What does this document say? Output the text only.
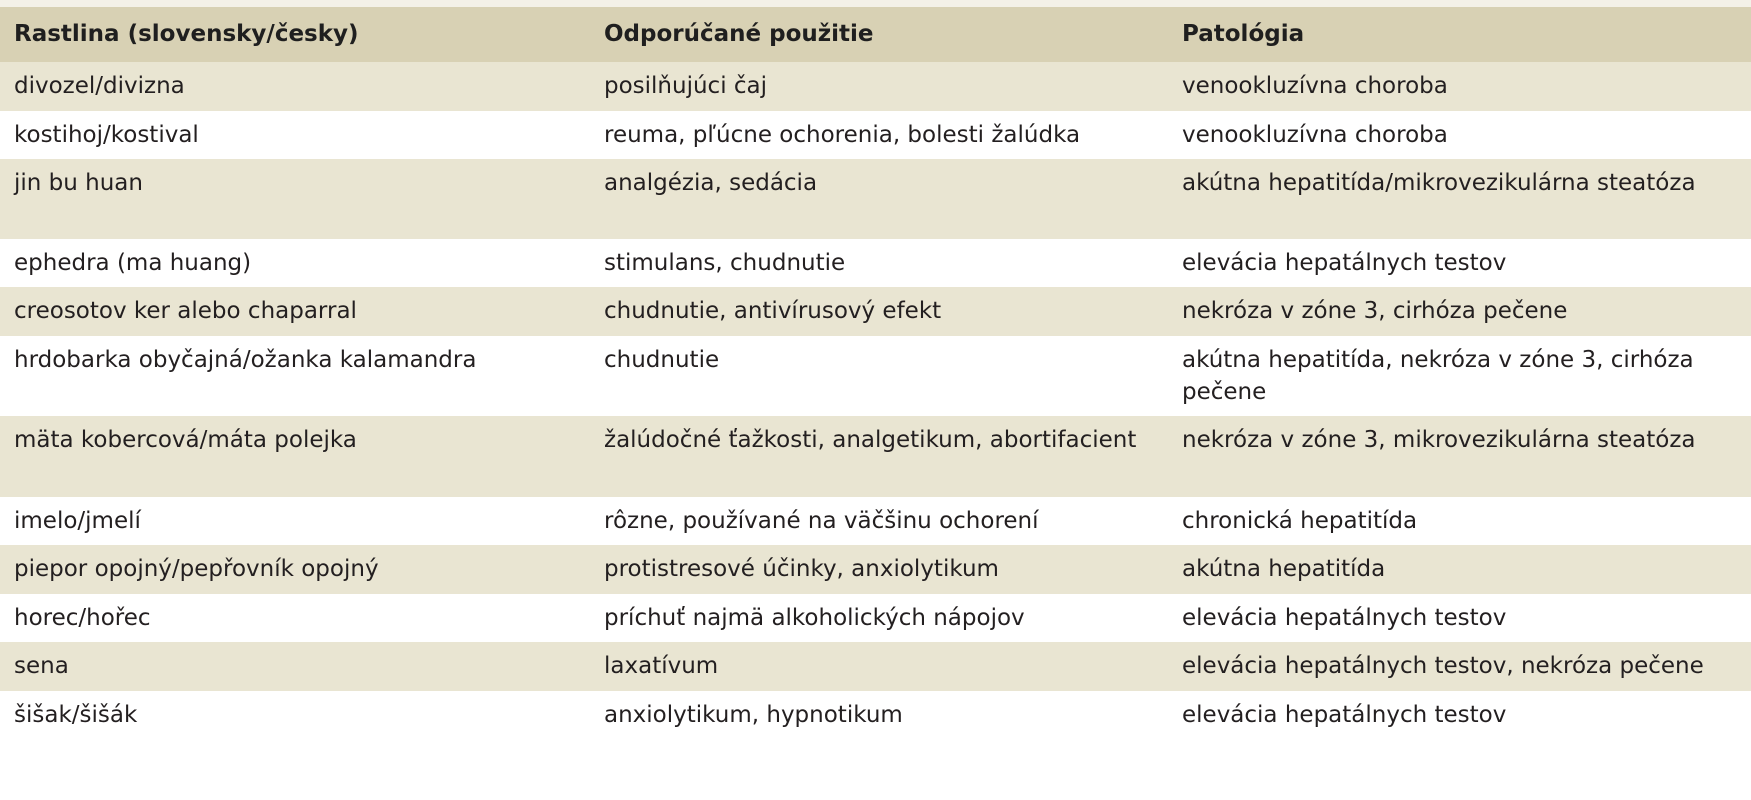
Rastlina (slovensky/česky)	Odporúčané použitie	Patológia
divozel/divizna	posilňujúci čaj	venookluzívna choroba
kostihoj/kostival	reuma, pľúcne ochorenia, bolesti žalúdka	venookluzívna choroba
jin bu huan	analgézia, sedácia	akútna hepatitída/mikrovezikulárna steatóza
ephedra (ma huang)	stimulans, chudnutie	elevácia hepatálnych testov
creosotov ker alebo chaparral	chudnutie, antivírusový efekt	nekróza v zóne 3, cirhóza pečene
hrdobarka obyčajná/ožanka kalamandra	chudnutie	akútna hepatitída, nekróza v zóne 3, cirhóza pečene
mäta kobercová/máta polejka	žalúdočné ťažkosti, analgetikum, abortifacient	nekróza v zóne 3, mikrovezikulárna steatóza
imelo/jmelí	rôzne, používané na väčšinu ochorení	chronická hepatitída
piepor opojný/pepřovník opojný	protistresové účinky, anxiolytikum	akútna hepatitída
horec/hořec	príchuť najmä alkoholických nápojov	elevácia hepatálnych testov
sena	laxatívum	elevácia hepatálnych testov, nekróza pečene
šišak/šišák	anxiolytikum, hypnotikum	elevácia hepatálnych testov
